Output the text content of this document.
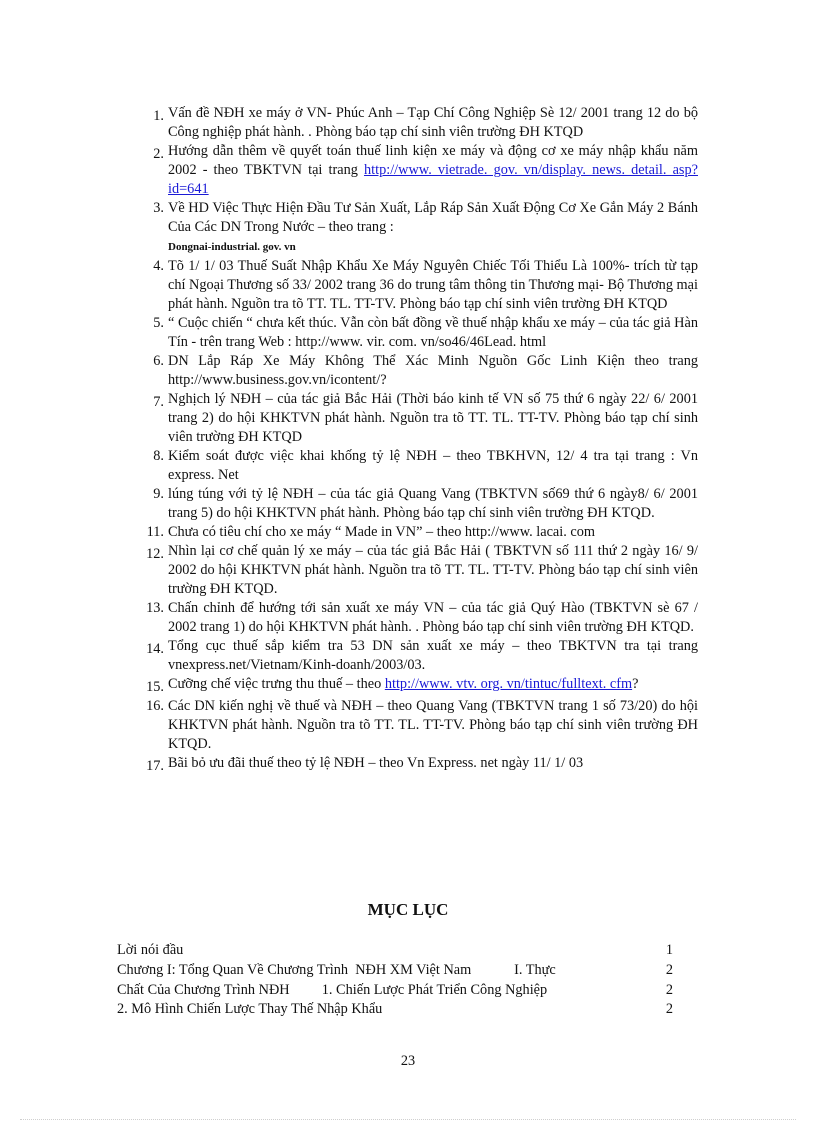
1. Vấn đề NĐH xe máy ở VN- Phúc Anh – Tạp Chí Công Nghiệp Sè 12/ 2001 trang 12 do bộ Công nghiệp phát hành. . Phòng báo tạp chí sinh viên trường ĐH KTQD
2. Hướng dẫn thêm về quyết toán thuế linh kiện xe máy và động cơ xe máy nhập khẩu năm 2002 - theo TBKTVN tại trang http://www. vietrade. gov. vn/display. news. detail. asp?id=641
3. Về HD Việc Thực Hiện Đầu Tư Sản Xuất, Lắp Ráp Sản Xuất Động Cơ Xe Gắn Máy 2 Bánh Của Các DN Trong Nước – theo trang :
Dongnai-industrial. gov. vn
4. Tõ 1/ 1/ 03 Thuế Suất Nhập Khẩu Xe Máy Nguyên Chiếc Tối Thiểu Là 100%- trích từ tạp chí Ngoại Thương số 33/ 2002 trang 36 do trung tâm thông tin Thương mại- Bộ Thương mại phát hành. Nguồn tra tõ TT. TL. TT-TV. Phòng báo tạp chí sinh viên trường ĐH KTQD
5. “ Cuộc chiến “ chưa kết thúc. Vẫn còn bất đồng về thuế nhập khẩu xe máy – của tác giả Hàn Tín - trên trang Web : http://www. vir. com. vn/so46/46Lead. html
6. DN Lắp Ráp Xe Máy Không Thể Xác Minh Nguồn Gốc Linh Kiện theo trang http://www.business.gov.vn/icontent/?
7. Nghịch lý NĐH – của tác giả Bắc Hải (Thời báo kinh tế VN số 75 thứ 6 ngày 22/ 6/ 2001 trang 2) do hội KHKTVN phát hành. Nguồn tra tõ TT. TL. TT-TV. Phòng báo tạp chí sinh viên trường ĐH KTQD
8. Kiểm soát được việc khai khống tỷ lệ NĐH – theo TBKHVN, 12/ 4 tra tại trang : Vn express. Net
9. lúng túng với tỷ lệ NĐH – của tác giả Quang Vang (TBKTVN số69 thứ 6 ngày8/ 6/ 2001 trang 5) do hội KHKTVN phát hành. Phòng báo tạp chí sinh viên trường ĐH KTQD.
11. Chưa có tiêu chí cho xe máy “ Made in VN” – theo http://www. lacai. com
12. Nhìn lại cơ chế quản lý xe máy – của tác giả Bắc Hải ( TBKTVN số 111 thứ 2 ngày 16/ 9/ 2002 do hội KHKTVN phát hành. Nguồn tra tõ TT. TL. TT-TV. Phòng báo tạp chí sinh viên trường ĐH KTQD.
13. Chấn chỉnh để hướng tới sản xuất xe máy VN – của tác giả Quý Hào (TBKTVN sè 67 / 2002 trang 1) do hội KHKTVN phát hành. . Phòng báo tạp chí sinh viên trường ĐH KTQD.
14. Tổng cục thuế sắp kiểm tra 53 DN sản xuất xe máy – theo TBKTVN tra tại trang vnexpress.net/Vietnam/Kinh-doanh/2003/03.
15. Cưỡng chế việc trưng thu thuế – theo http://www. vtv. org. vn/tintuc/fulltext. cfm?
16. Các DN kiến nghị về thuế và NĐH – theo Quang Vang (TBKTVN trang 1 số 73/20) do hội KHKTVN phát hành. Nguồn tra tõ TT. TL. TT-TV. Phòng báo tạp chí sinh viên trường ĐH KTQD.
17. Bãi bỏ ưu đãi thuế theo tỷ lệ NĐH – theo Vn Express. net ngày 11/ 1/ 03
MỤC LỤC
Lời nói đầu	1
Chương I: Tổng Quan Về Chương Trình  NĐH XM Việt Nam            I. Thực	2
Chất Của Chương Trình NĐH         1. Chiến Lược Phát Triển Công Nghiệp	2
2. Mô Hình Chiến Lược Thay Thế Nhập Khẩu	2
23
